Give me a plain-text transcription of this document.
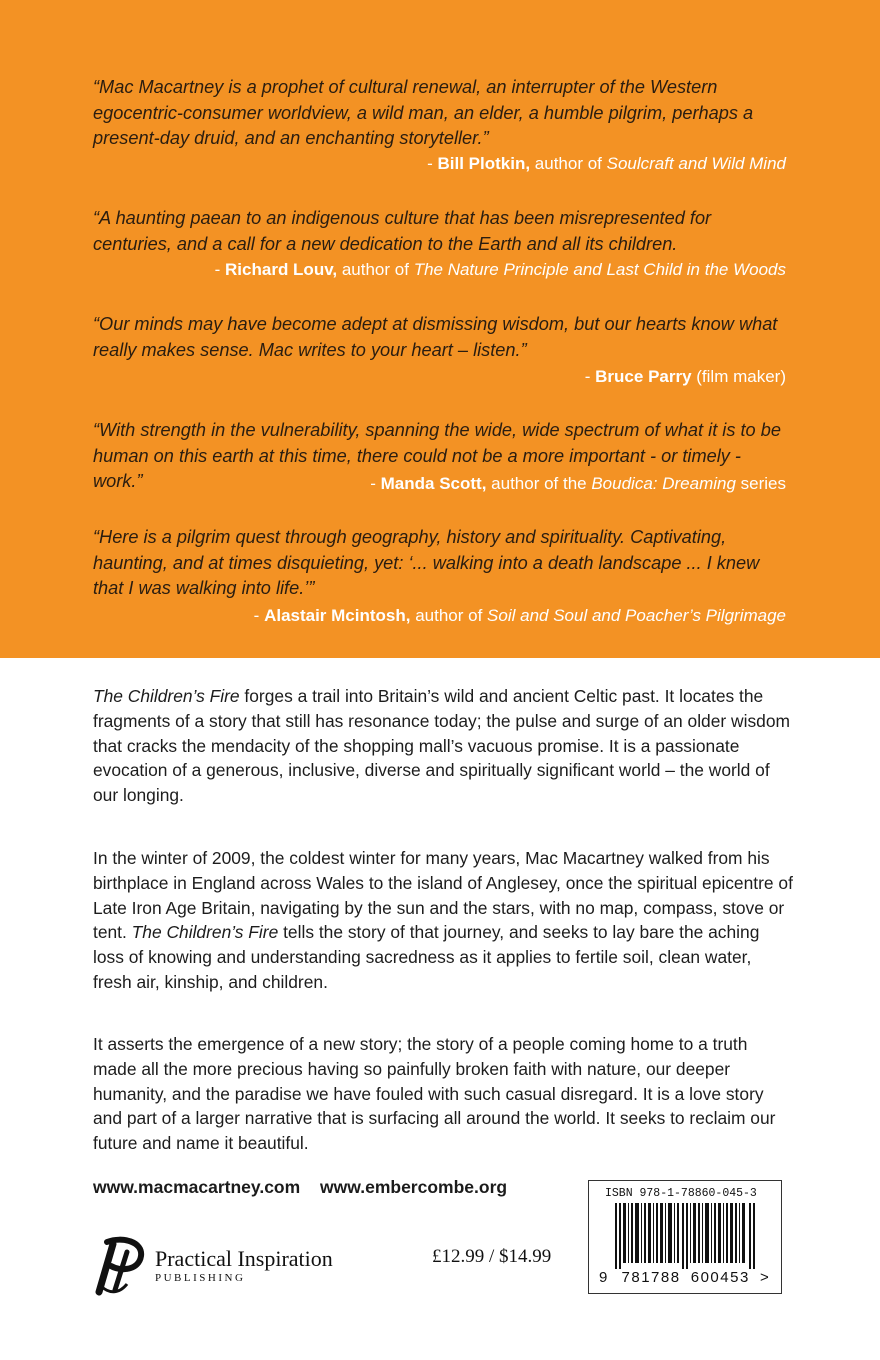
“Mac Macartney is a prophet of cultural renewal, an interrupter of the Western egocentric-consumer worldview, a wild man, an elder, a humble pilgrim, perhaps a present-day druid, and an enchanting storyteller.”
- Bill Plotkin, author of Soulcraft and Wild Mind
“A haunting paean to an indigenous culture that has been misrepresented for centuries, and a call for a new dedication to the Earth and all its children.
- Richard Louv, author of The Nature Principle and Last Child in the Woods
“Our minds may have become adept at dismissing wisdom, but our hearts know what really makes sense. Mac writes to your heart – listen.”
- Bruce Parry (film maker)
“With strength in the vulnerability, spanning the wide, wide spectrum of what it is to be human on this earth at this time, there could not be a more important - or timely - work.”	- Manda Scott, author of the Boudica: Dreaming series
“Here is a pilgrim quest through geography, history and spirituality. Captivating, haunting, and at times disquieting, yet: ‘... walking into a death landscape ... I knew that I was walking into life.’”
- Alastair Mcintosh, author of Soil and Soul and Poacher’s Pilgrimage
The Children’s Fire forges a trail into Britain’s wild and ancient Celtic past. It locates the fragments of a story that still has resonance today; the pulse and surge of an older wisdom that cracks the mendacity of the shopping mall’s vacuous promise. It is a passionate evocation of a generous, inclusive, diverse and spiritually significant world – the world of our longing.
In the winter of 2009, the coldest winter for many years, Mac Macartney walked from his birthplace in England across Wales to the island of Anglesey, once the spiritual epicentre of Late Iron Age Britain, navigating by the sun and the stars, with no map, compass, stove or tent. The Children’s Fire tells the story of that journey, and seeks to lay bare the aching loss of knowing and understanding sacredness as it applies to fertile soil, clean water, fresh air, kinship, and children.
It asserts the emergence of a new story; the story of a people coming home to a truth made all the more precious having so painfully broken faith with nature, our deeper humanity, and the paradise we have fouled with such casual disregard. It is a love story and part of a larger narrative that is surfacing all around the world. It seeks to reclaim our future and name it beautiful.
www.macmacartney.com www.embercombe.org
Practical Inspiration
PUBLISHING
£12.99 / $14.99
ISBN 978-1-78860-045-3
9 781788 600453 >
